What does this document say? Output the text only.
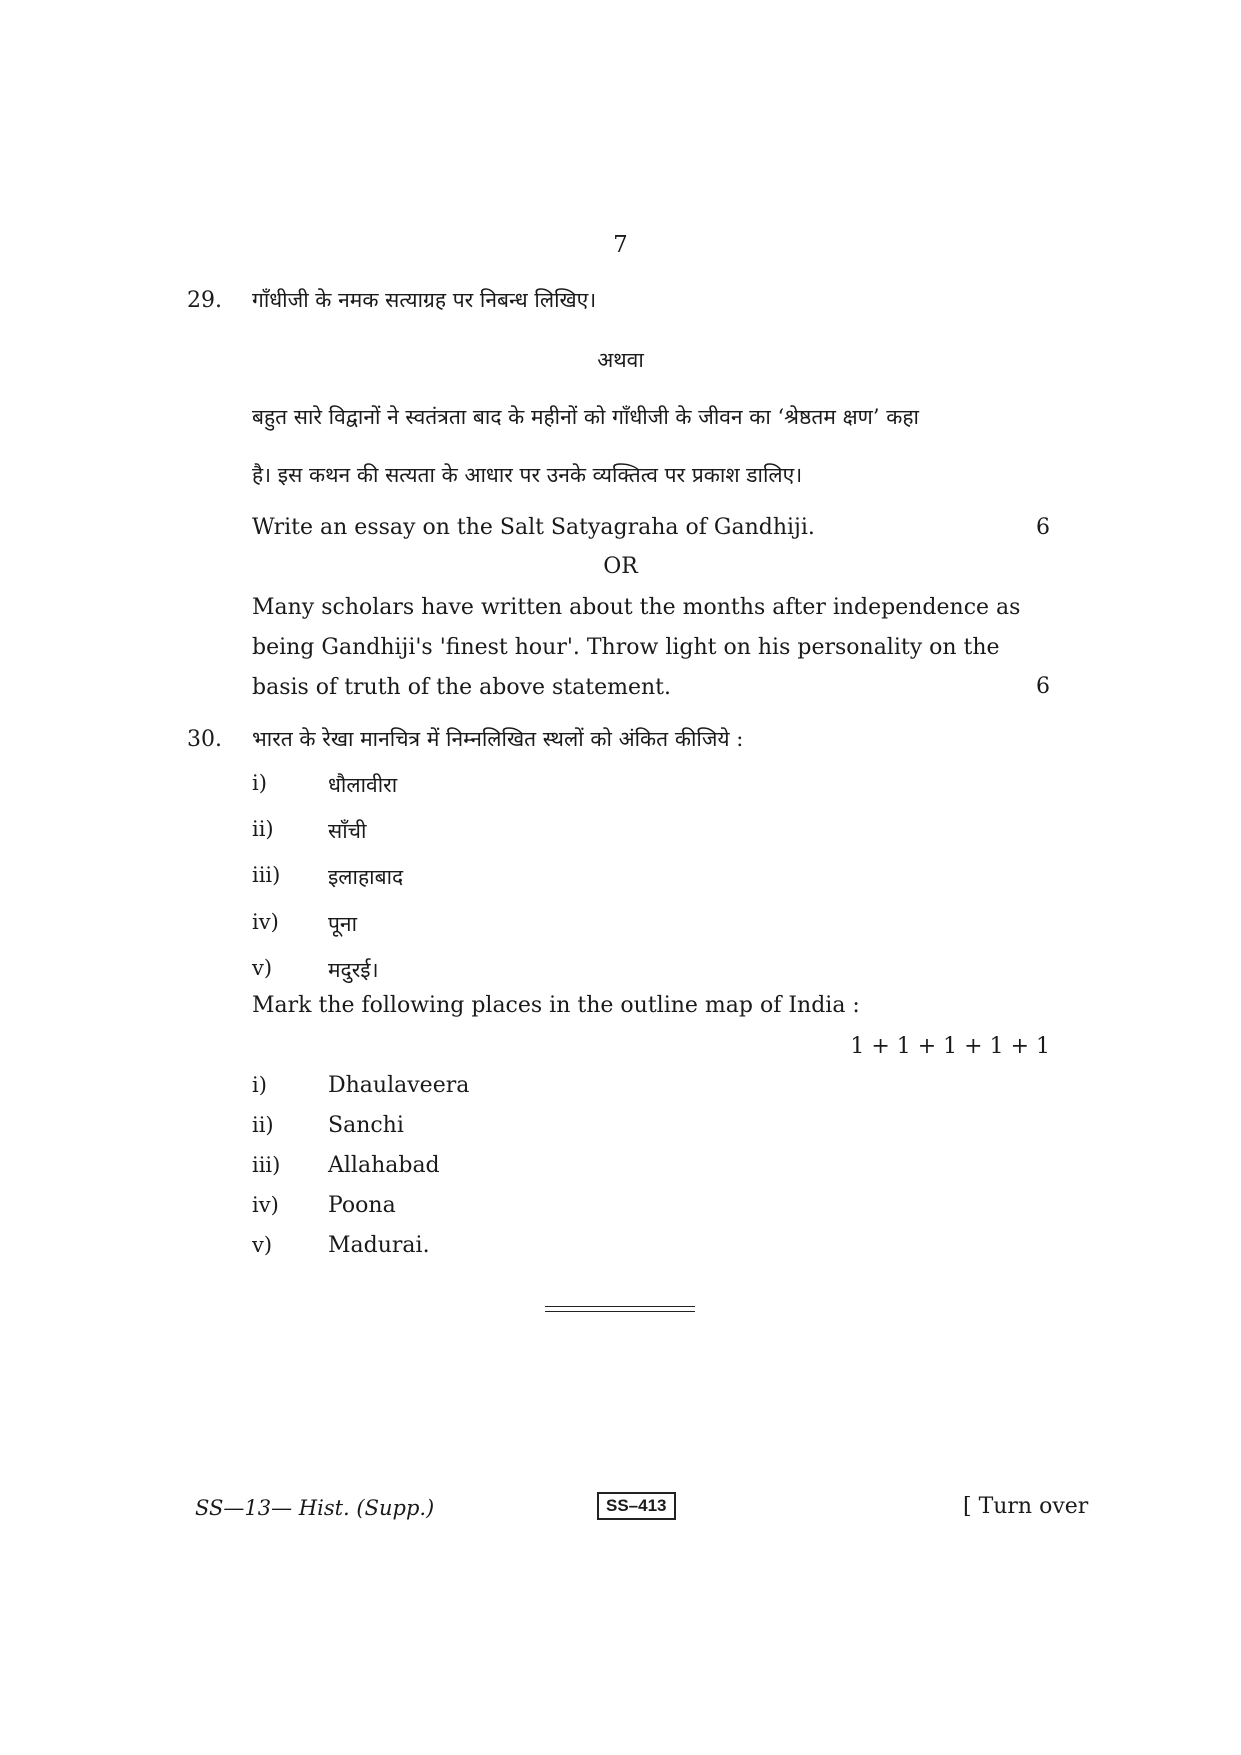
7
29. गाँधीजी के नमक सत्याग्रह पर निबन्ध लिखिए।
अथवा
बहुत सारे विद्वानों ने स्वतंत्रता बाद के महीनों को गाँधीजी के जीवन का ‘श्रेष्ठतम क्षण’ कहा
है। इस कथन की सत्यता के आधार पर उनके व्यक्तित्व पर प्रकाश डालिए।
Write an essay on the Salt Satyagraha of Gandhiji.	6
OR
Many scholars have written about the months after independence as
being Gandhiji's 'finest hour'. Throw light on his personality on the
basis of truth of the above statement.	6
30. भारत के रेखा मानचित्र में निम्नलिखित स्थलों को अंकित कीजिये :
i)	धौलावीरा
ii)	साँची
iii) इलाहाबाद
iv) पूना
v)	मदुरई।
Mark the following places in the outline map of India :
1 + 1 + 1 + 1 + 1
i)	Dhaulaveera
ii) Sanchi
iii) Allahabad
iv) Poona
v)	Madurai.
SS—13— Hist. (Supp.)	SS–413	[ Turn over
